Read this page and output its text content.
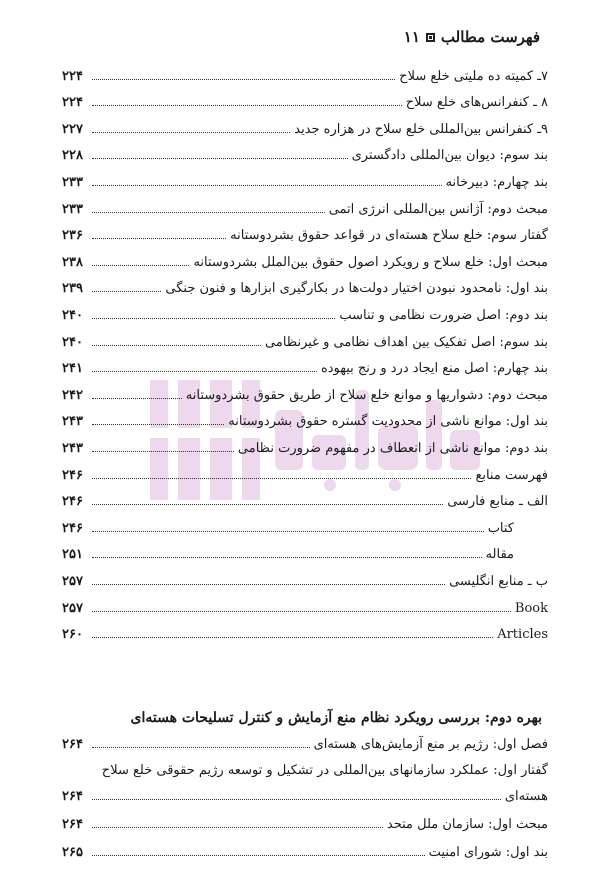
فهرست مطالب
۱۱
۷ـ کمیته ده ملیتی خلع سلاح
۲۲۴
۸ ـ کنفرانس‌های خلع سلاح
۲۲۴
۹ـ کنفرانس بین‌المللی خلع سلاح در هزاره جدید
۲۲۷
بند سوم: دیوان بین‌المللی دادگستری
۲۲۸
بند چهارم: دبیرخانه
۲۳۳
مبحث دوم: آژانس بین‌المللی انرژی اتمی
۲۳۳
گفتار سوم: خلع سلاح هسته‌ای در قواعد حقوق بشردوستانه
۲۳۶
مبحث اول: خلع سلاح و رویکرد اصول حقوق بین‌الملل بشردوستانه
۲۳۸
بند اول: نامحدود نبودن اختیار دولت‌ها در بکارگیری ابزارها و فنون جنگی
۲۳۹
بند دوم: اصل ضرورت نظامی و تناسب
۲۴۰
بند سوم: اصل تفکیک بین اهداف نظامی و غیرنظامی
۲۴۰
بند چهارم: اصل منع ایجاد درد و رنج بیهوده
۲۴۱
مبحث دوم: دشواریها و موانع خلع سلاح از طریق حقوق بشردوستانه
۲۴۲
بند اول: موانع ناشی از محدودیت گستره حقوق بشردوستانه
۲۴۳
بند دوم: موانع ناشی از انعطاف در مفهوم ضرورت نظامی
۲۴۳
فهرست منابع
۲۴۶
الف ـ منابع فارسی
۲۴۶
کتاب
۲۴۶
مقاله
۲۵۱
ب ـ منابع انگلیسی
۲۵۷
Book
۲۵۷
Articles
۲۶۰
بهره دوم: بررسی رویکرد نظام منع آزمایش و کنترل تسلیحات هسته‌ای
فصل اول: رژیم بر منع آزمایش‌های هسته‌ای
۲۶۴
گفتار اول: عملکرد سازمانهای بین‌المللی در تشکیل و توسعه رژیم حقوقی خلع سلاح
هسته‌ای
۲۶۴
مبحث اول: سازمان ملل متحد
۲۶۴
بند اول: شورای امنیت
۲۶۵
